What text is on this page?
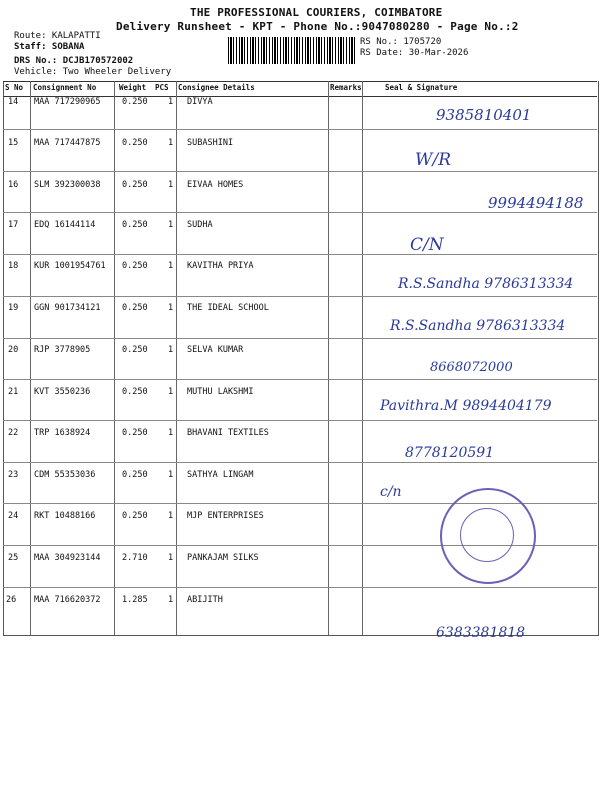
THE PROFESSIONAL COURIERS, COIMBATORE
Delivery Runsheet - KPT - Phone No.:9047080280 - Page No.:2
Route: KALAPATTI
Staff: SOBANA
DRS No.: DCJB170572002
Vehicle: Two Wheeler Delivery
RS No.: 1705720
RS Date: 30-Mar-2026
S No Consignment No	Weight PCS Consignee Details	Remarks	Seal & Signature
14 MAA 717290965	0.250 1 DIVYA
9385810401
15 MAA 717447875	0.250 1 SUBASHINI
W/R
16 SLM 392300038	0.250 1 EIVAA HOMES
9994494188
17 EDQ 16144114	0.250 1 SUDHA
C/N
18 KUR 1001954761 0.250 1 KAVITHA PRIYA
R.S.Sandha 9786313334
19 GGN 901734121	0.250 1 THE IDEAL SCHOOL
R.S.Sandha 9786313334
20 RJP 3778905	0.250 1 SELVA KUMAR
8668072000
21 KVT 3550236	0.250 1 MUTHU LAKSHMI
Pavithra.M 9894404179
22 TRP 1638924	0.250 1 BHAVANI TEXTILES
8778120591
23 CDM 55353036	0.250 1 SATHYA LINGAM
c/n
24 RKT 10488166	0.250 1 MJP ENTERPRISES
25 MAA 304923144	2.710 1 PANKAJAM SILKS
26 MAA 716620372	1.285 1 ABIJITH
6383381818
